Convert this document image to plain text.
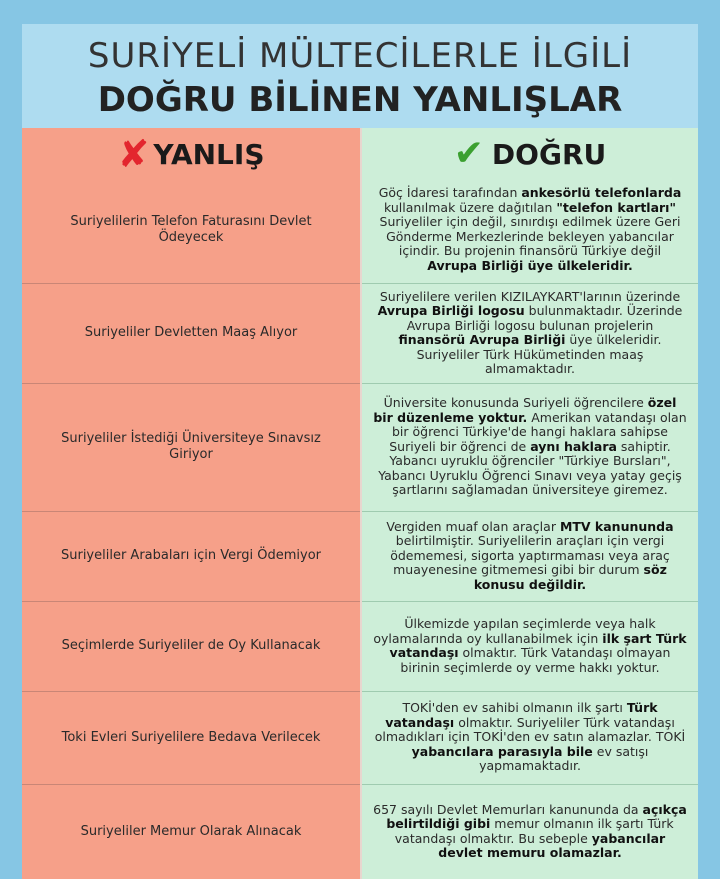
SURİYELİ MÜLTECİLERLE İLGİLİ
DOĞRU BİLİNEN YANLIŞLAR
✘ YANLIŞ	✔ DOĞRU
Suriyelilerin Telefon Faturasını Devlet Ödeyecek
Göç İdaresi tarafından ankesörlü telefonlarda kullanılmak üzere dağıtılan "telefon kartları" Suriyeliler için değil, sınırdışı edilmek üzere Geri Gönderme Merkezlerinde bekleyen yabancılar içindir. Bu projenin finansörü Türkiye değil Avrupa Birliği üye ülkeleridir.
Suriyeliler Devletten Maaş Alıyor
Suriyelilere verilen KIZILAYKART'larının üzerinde Avrupa Birliği logosu bulunmaktadır. Üzerinde Avrupa Birliği logosu bulunan projelerin finansörü Avrupa Birliği üye ülkeleridir. Suriyeliler Türk Hükümetinden maaş almamaktadır.
Suriyeliler İstediği Üniversiteye Sınavsız Giriyor
Üniversite konusunda Suriyeli öğrencilere özel bir düzenleme yoktur. Amerikan vatandaşı olan bir öğrenci Türkiye'de hangi haklara sahipse Suriyeli bir öğrenci de aynı haklara sahiptir. Yabancı uyruklu öğrenciler "Türkiye Bursları", Yabancı Uyruklu Öğrenci Sınavı veya yatay geçiş şartlarını sağlamadan üniversiteye giremez.
Suriyeliler Arabaları için Vergi Ödemiyor
Vergiden muaf olan araçlar MTV kanununda belirtilmiştir. Suriyelilerin araçları için vergi ödememesi, sigorta yaptırmaması veya araç muayenesine gitmemesi gibi bir durum söz konusu değildir.
Seçimlerde Suriyeliler de Oy Kullanacak
Ülkemizde yapılan seçimlerde veya halk oylamalarında oy kullanabilmek için ilk şart Türk vatandaşı olmaktır. Türk Vatandaşı olmayan birinin seçimlerde oy verme hakkı yoktur.
Toki Evleri Suriyelilere Bedava Verilecek
TOKİ'den ev sahibi olmanın ilk şartı Türk vatandaşı olmaktır. Suriyeliler Türk vatandaşı olmadıkları için TOKİ'den ev satın alamazlar. TOKİ yabancılara parasıyla bile ev satışı yapmamaktadır.
Suriyeliler Memur Olarak Alınacak
657 sayılı Devlet Memurları kanununda da açıkça belirtildiği gibi memur olmanın ilk şartı Türk vatandaşı olmaktır. Bu sebeple yabancılar devlet memuru olamazlar.
